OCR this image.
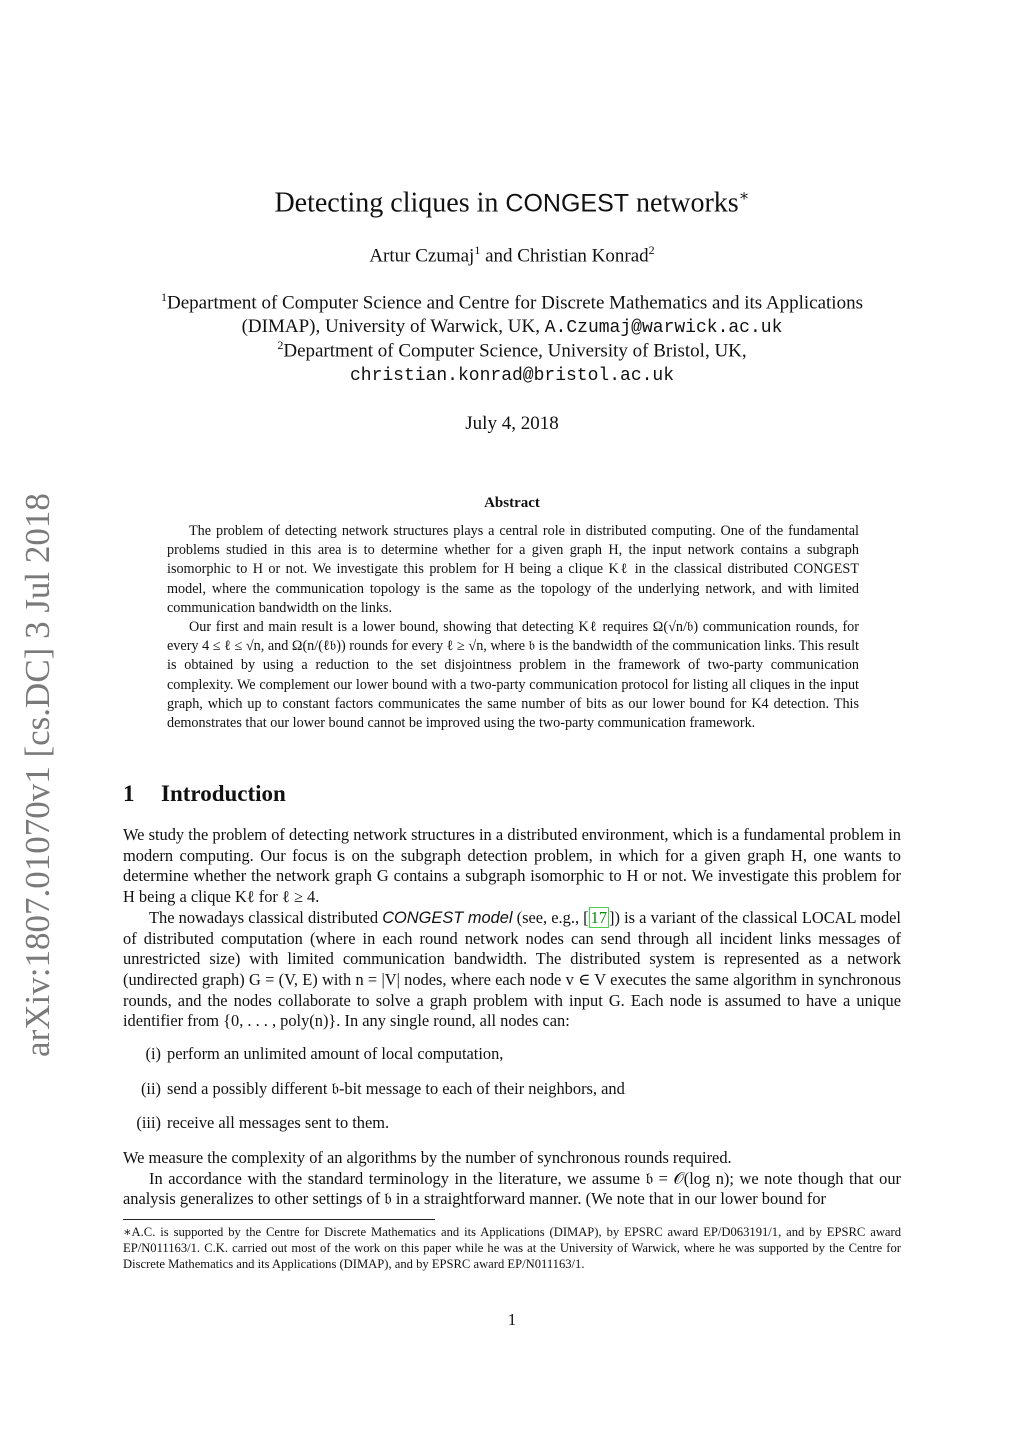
arXiv:1807.01070v1 [cs.DC] 3 Jul 2018
Detecting cliques in CONGEST networks∗
Artur Czumaj$^1$ and Christian Konrad$^2$
$^1$Department of Computer Science and Centre for Discrete Mathematics and its Applications
(DIMAP), University of Warwick, UK, A.Czumaj@warwick.ac.uk
$^2$Department of Computer Science, University of Bristol, UK,
christian.konrad@bristol.ac.uk
July 4, 2018
Abstract

The problem of detecting network structures plays a central role in distributed computing. One of the fundamental problems studied in this area is to determine whether for a given graph H, the input network contains a subgraph isomorphic to H or not. We investigate this problem for H being a clique Kℓ in the classical distributed CONGEST model, where the communication topology is the same as the topology of the underlying network, and with limited communication bandwidth on the links.

Our first and main result is a lower bound, showing that detecting Kℓ requires Ω(√n/𝔟) communication rounds, for every 4 ≤ ℓ ≤ √n, and Ω(n/(ℓ𝔟)) rounds for every ℓ ≥ √n, where 𝔟 is the bandwidth of the communication links. This result is obtained by using a reduction to the set disjointness problem in the framework of two-party communication complexity. We complement our lower bound with a two-party communication protocol for listing all cliques in the input graph, which up to constant factors communicates the same number of bits as our lower bound for K4 detection. This demonstrates that our lower bound cannot be improved using the two-party communication framework.

1 Introduction

We study the problem of detecting network structures in a distributed environment, which is a fundamental problem in modern computing. Our focus is on the subgraph detection problem, in which for a given graph H, one wants to determine whether the network graph G contains a subgraph isomorphic to H or not. We investigate this problem for H being a clique Kℓ for ℓ ≥ 4.

The nowadays classical distributed CONGEST model (see, e.g., [ 17 ]) is a variant of the classical LOCAL model of distributed computation (where in each round network nodes can send through all incident links messages of unrestricted size) with limited communication bandwidth. The distributed system is represented as a network (undirected graph) G = (V, E) with n = |V| nodes, where each node v ∈ V executes the same algorithm in synchronous rounds, and the nodes collaborate to solve a graph problem with input G. Each node is assumed to have a unique identifier from {0, . . . , poly(n)}. In any single round, all nodes can:

(i) perform an unlimited amount of local computation,
(ii) send a possibly different 𝔟-bit message to each of their neighbors, and
(iii) receive all messages sent to them.

We measure the complexity of an algorithms by the number of synchronous rounds required.

In accordance with the standard terminology in the literature, we assume 𝔟 = 𝒪(log n); we note though that our analysis generalizes to other settings of 𝔟 in a straightforward manner. (We note that in our lower bound for

∗A.C. is supported by the Centre for Discrete Mathematics and its Applications (DIMAP), by EPSRC award EP/D063191/1, and by EPSRC award EP/N011163/1. C.K. carried out most of the work on this paper while he was at the University of Warwick, where he was supported by the Centre for Discrete Mathematics and its Applications (DIMAP), and by EPSRC award EP/N011163/1.
1
